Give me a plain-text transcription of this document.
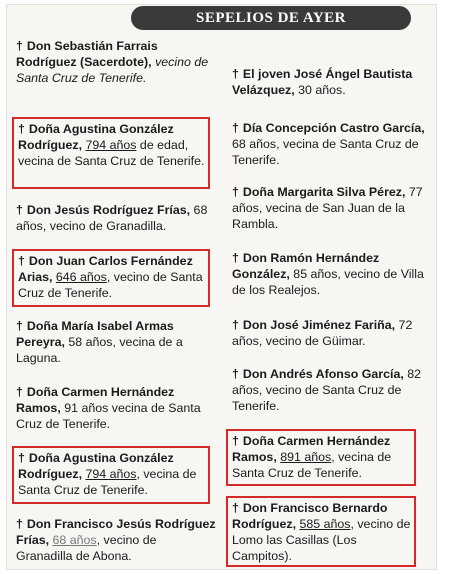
SEPELIOS DE AYER
† Don Sebastián Farrais Rodríguez (Sacerdote), vecino de Santa Cruz de Tenerife.
† Doña Agustina González Rodríguez, 794 años de edad, vecina de Santa Cruz de Tenerife.
† Don Jesús Rodríguez Frías, 68 años, vecino de Granadilla.
† Don Juan Carlos Fernández Arias, 646 años, vecino de Santa Cruz de Tenerife.
† Doña María Isabel Armas Pereyra, 58 años, vecina de a Laguna.
† Doña Carmen Hernández Ramos, 91 años vecina de Santa Cruz de Tenerife.
† Doña Agustina González Rodríguez, 794 años, vecina de Santa Cruz de Tenerife.
† Don Francisco Jesús Rodríguez Frías, 68 años, vecino de Granadilla de Abona.
† El joven José Ángel Bautista Velázquez, 30 años.
† Día Concepción Castro García, 68 años, vecina de Santa Cruz de Tenerife.
† Doña Margarita Silva Pérez, 77 años, vecina de San Juan de la Rambla.
† Don Ramón Hernández González, 85 años, vecino de Villa de los Realejos.
† Don José Jiménez Fariña, 72 años, vecino de Güimar.
† Don Andrés Afonso García, 82 años, vecino de Santa Cruz de Tenerife.
† Doña Carmen Hernández Ramos, 891 años, vecina de Santa Cruz de Tenerife.
† Don Francisco Bernardo Rodríguez, 585 años, vecino de Lomo las Casillas (Los Campitos).
